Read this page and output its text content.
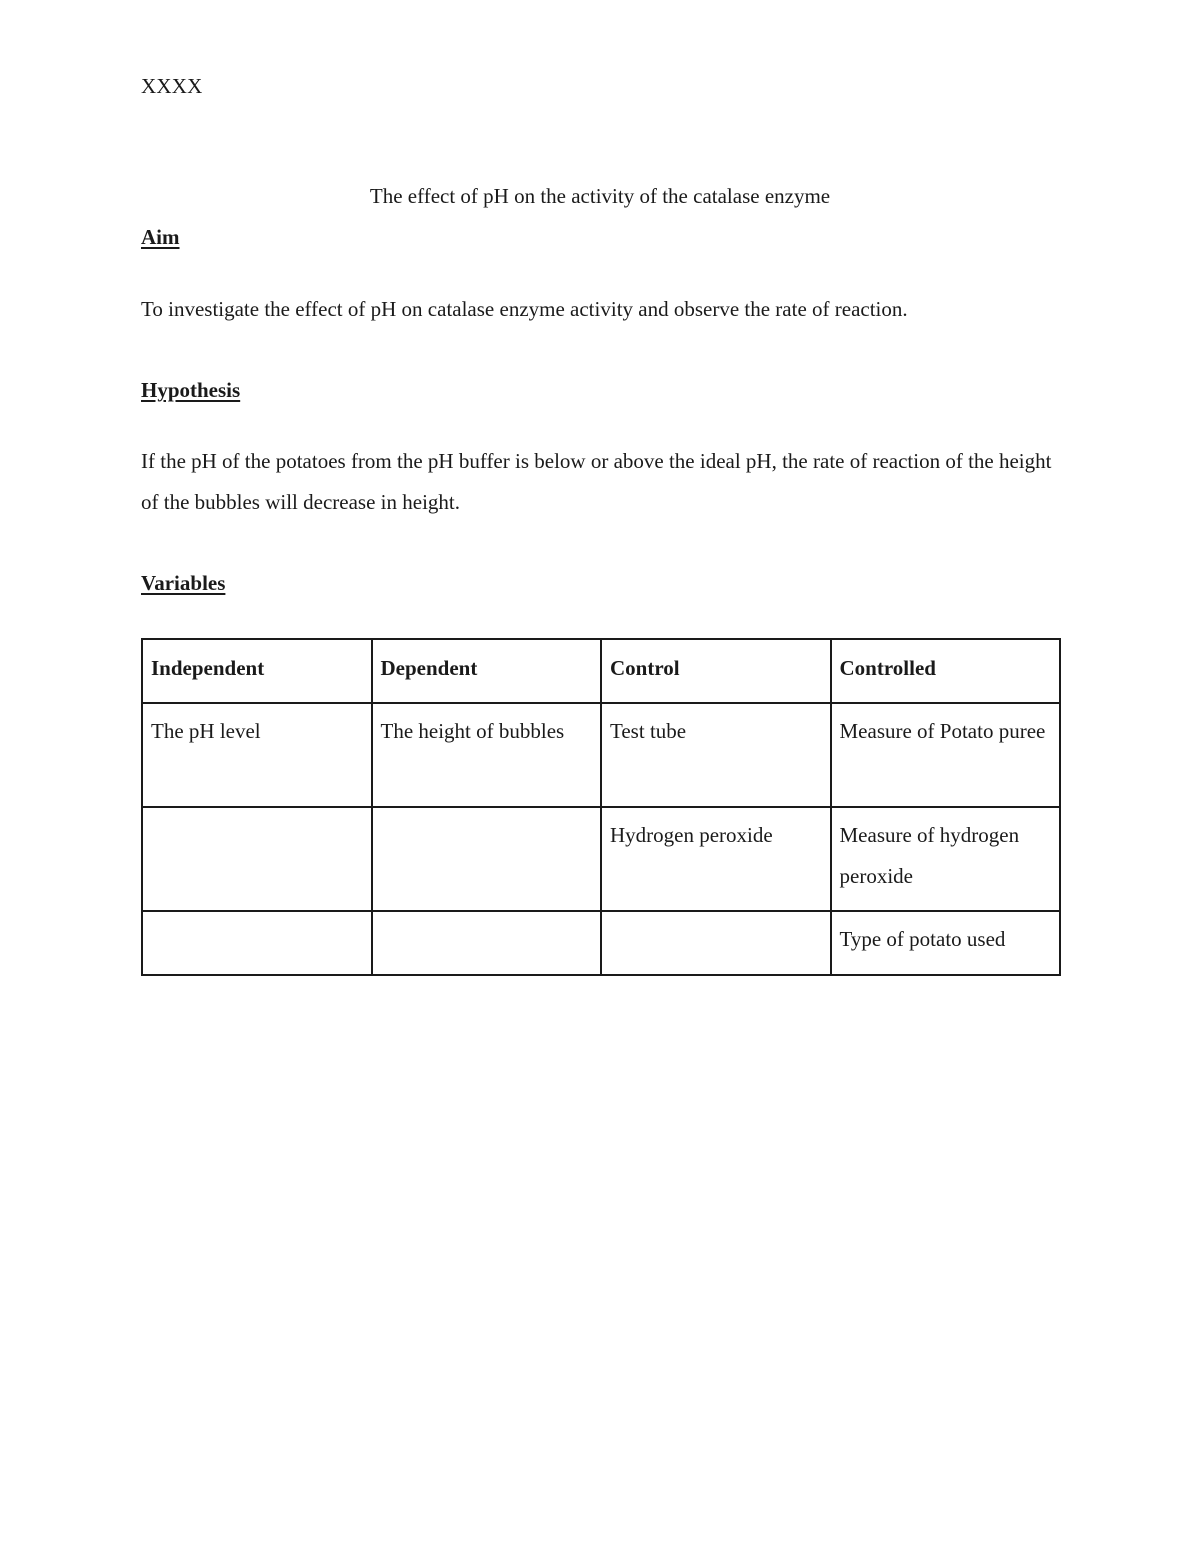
XXXX
The effect of pH on the activity of the catalase enzyme
Aim
To investigate the effect of pH on catalase enzyme activity and observe the rate of reaction.
Hypothesis
If the pH of the potatoes from the pH buffer is below or above the ideal pH, the rate of reaction of the height of the bubbles will decrease in height.
Variables
Independent	Dependent	Control	Controlled
The pH level	The height of bubbles	Test tube	Measure of Potato puree
		Hydrogen peroxide	Measure of hydrogen peroxide
			Type of potato used
